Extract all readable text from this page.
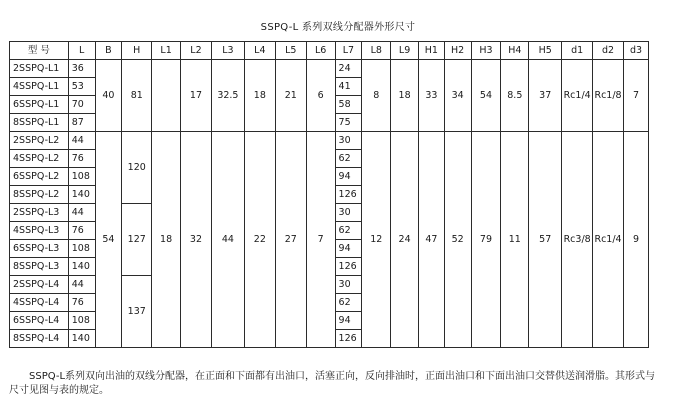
SSPQ-L 系列双线分配器外形尺寸
型 号	L	B	H	L1	L2	L3	L4	L5	L6	L7	L8	L9	H1	H2	H3	H4	H5	d1	d2	d3
2SSPQ-L1	36	40	81		17	32.5	18	21	6	24	8	18	33	34	54	8.5	37	Rc1/4	Rc1/8	7
4SSPQ-L1	53									41										
6SSPQ-L1	70									58										
8SSPQ-L1	87									75										
2SSPQ-L2	44	54	120	18	32	44	22	27	7	30	12	24	47	52	79	11	57	Rc3/8	Rc1/4	9
4SSPQ-L2	76									62										
6SSPQ-L2	108									94										
8SSPQ-L2	140									126										
2SSPQ-L3	44		127							30										
4SSPQ-L3	76									62										
6SSPQ-L3	108									94										
8SSPQ-L3	140									126										
2SSPQ-L4	44		137							30										
4SSPQ-L4	76									62										
6SSPQ-L4	108									94										
8SSPQ-L4	140									126										

SSPQ-L系列双向出油的双线分配器，在正面和下面都有出油口，活塞正向，反向排油时，正面出油口和下面出油口交替供送润滑脂。其形式与尺寸见图与表的规定。
